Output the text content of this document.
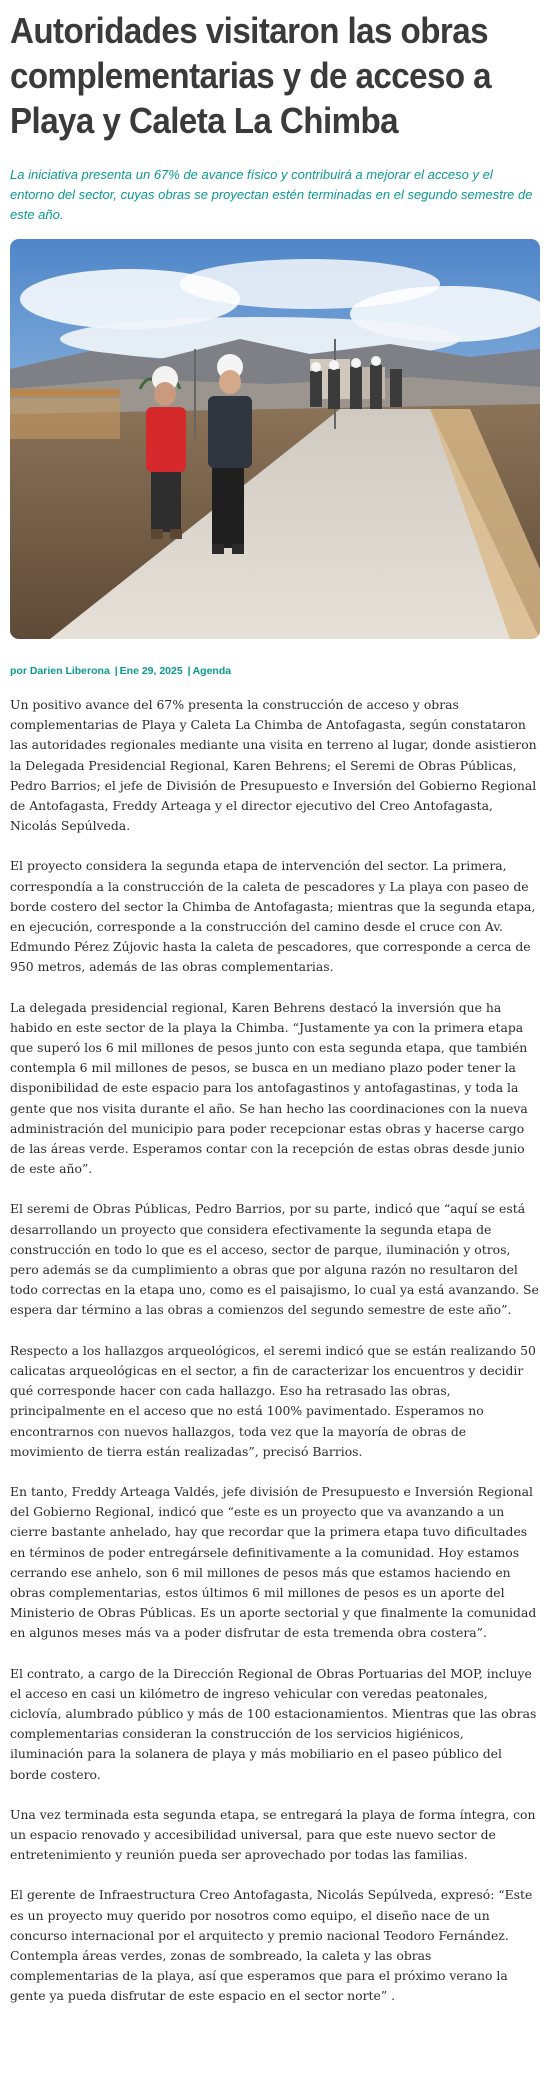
Autoridades visitaron las obras complementarias y de acceso a Playa y Caleta La Chimba

La iniciativa presenta un 67% de avance físico y contribuirá a mejorar el acceso y el entorno del sector, cuyas obras se proyectan estén terminadas en el segundo semestre de este año.

por Darien Liberona | Ene 29, 2025 | Agenda

Un positivo avance del 67% presenta la construcción de acceso y obras complementarias de Playa y Caleta La Chimba de Antofagasta, según constataron las autoridades regionales mediante una visita en terreno al lugar, donde asistieron la Delegada Presidencial Regional, Karen Behrens; el Seremi de Obras Públicas, Pedro Barrios; el jefe de División de Presupuesto e Inversión del Gobierno Regional de Antofagasta, Freddy Arteaga y el director ejecutivo del Creo Antofagasta, Nicolás Sepúlveda.

El proyecto considera la segunda etapa de intervención del sector. La primera, correspondía a la construcción de la caleta de pescadores y La playa con paseo de borde costero del sector la Chimba de Antofagasta; mientras que la segunda etapa, en ejecución, corresponde a la construcción del camino desde el cruce con Av. Edmundo Pérez Zújovic hasta la caleta de pescadores, que corresponde a cerca de 950 metros, además de las obras complementarias.

La delegada presidencial regional, Karen Behrens destacó la inversión que ha habido en este sector de la playa la Chimba. “Justamente ya con la primera etapa que superó los 6 mil millones de pesos junto con esta segunda etapa, que también contempla 6 mil millones de pesos, se busca en un mediano plazo poder tener la disponibilidad de este espacio para los antofagastinos y antofagastinas, y toda la gente que nos visita durante el año. Se han hecho las coordinaciones con la nueva administración del municipio para poder recepcionar estas obras y hacerse cargo de las áreas verde. Esperamos contar con la recepción de estas obras desde junio de este año”.

El seremi de Obras Públicas, Pedro Barrios, por su parte, indicó que “aquí se está desarrollando un proyecto que considera efectivamente la segunda etapa de construcción en todo lo que es el acceso, sector de parque, iluminación y otros, pero además se da cumplimiento a obras que por alguna razón no resultaron del todo correctas en la etapa uno, como es el paisajismo, lo cual ya está avanzando. Se espera dar término a las obras a comienzos del segundo semestre de este año”.

Respecto a los hallazgos arqueológicos, el seremi indicó que se están realizando 50 calicatas arqueológicas en el sector, a fin de caracterizar los encuentros y decidir qué corresponde hacer con cada hallazgo. Eso ha retrasado las obras, principalmente en el acceso que no está 100% pavimentado. Esperamos no encontrarnos con nuevos hallazgos, toda vez que la mayoría de obras de movimiento de tierra están realizadas”, precisó Barrios.

En tanto, Freddy Arteaga Valdés, jefe división de Presupuesto e Inversión Regional del Gobierno Regional, indicó que “este es un proyecto que va avanzando a un cierre bastante anhelado, hay que recordar que la primera etapa tuvo dificultades en términos de poder entregársele definitivamente a la comunidad. Hoy estamos cerrando ese anhelo, son 6 mil millones de pesos más que estamos haciendo en obras complementarias, estos últimos 6 mil millones de pesos es un aporte del Ministerio de Obras Públicas. Es un aporte sectorial y que finalmente la comunidad en algunos meses más va a poder disfrutar de esta tremenda obra costera”.

El contrato, a cargo de la Dirección Regional de Obras Portuarias del MOP, incluye el acceso en casi un kilómetro de ingreso vehicular con veredas peatonales, ciclovía, alumbrado público y más de 100 estacionamientos. Mientras que las obras complementarias consideran la construcción de los servicios higiénicos, iluminación para la solanera de playa y más mobiliario en el paseo público del borde costero.

Una vez terminada esta segunda etapa, se entregará la playa de forma íntegra, con un espacio renovado y accesibilidad universal, para que este nuevo sector de entretenimiento y reunión pueda ser aprovechado por todas las familias.

El gerente de Infraestructura Creo Antofagasta, Nicolás Sepúlveda, expresó: “Este es un proyecto muy querido por nosotros como equipo, el diseño nace de un concurso internacional por el arquitecto y premio nacional Teodoro Fernández. Contempla áreas verdes, zonas de sombreado, la caleta y las obras complementarias de la playa, así que esperamos que para el próximo verano la gente ya pueda disfrutar de este espacio en el sector norte” .
